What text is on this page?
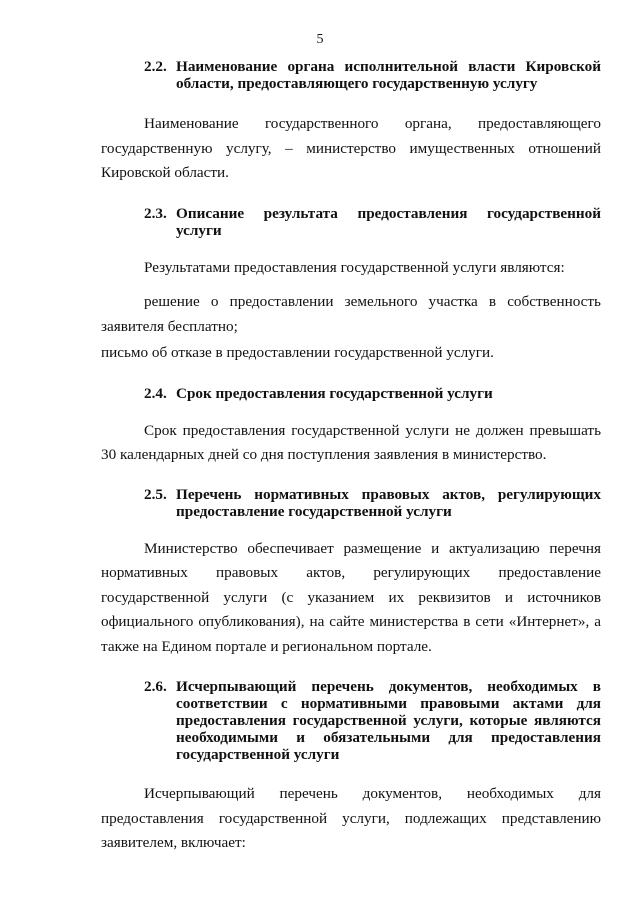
5
2.2. Наименование органа исполнительной власти Кировской области, предоставляющего государственную услугу

Наименование государственного органа, предоставляющего государственную услугу, – министерство имущественных отношений Кировской области.

2.3. Описание результата предоставления государственной услуги

Результатами предоставления государственной услуги являются:

решение о предоставлении земельного участка в собственность заявителя бесплатно;

письмо об отказе в предоставлении государственной услуги.

2.4. Срок предоставления государственной услуги

Срок предоставления государственной услуги не должен превышать 30 календарных дней со дня поступления заявления в министерство.

2.5. Перечень нормативных правовых актов, регулирующих предоставление государственной услуги

Министерство обеспечивает размещение и актуализацию перечня нормативных правовых актов, регулирующих предоставление государственной услуги (с указанием их реквизитов и источников официального опубликования), на сайте министерства в сети «Интернет», а также на Едином портале и региональном портале.

2.6. Исчерпывающий перечень документов, необходимых в соответствии с нормативными правовыми актами для предоставления государственной услуги, которые являются необходимыми и обязательными для предоставления государственной услуги

Исчерпывающий перечень документов, необходимых для предоставления государственной услуги, подлежащих представлению заявителем, включает:
